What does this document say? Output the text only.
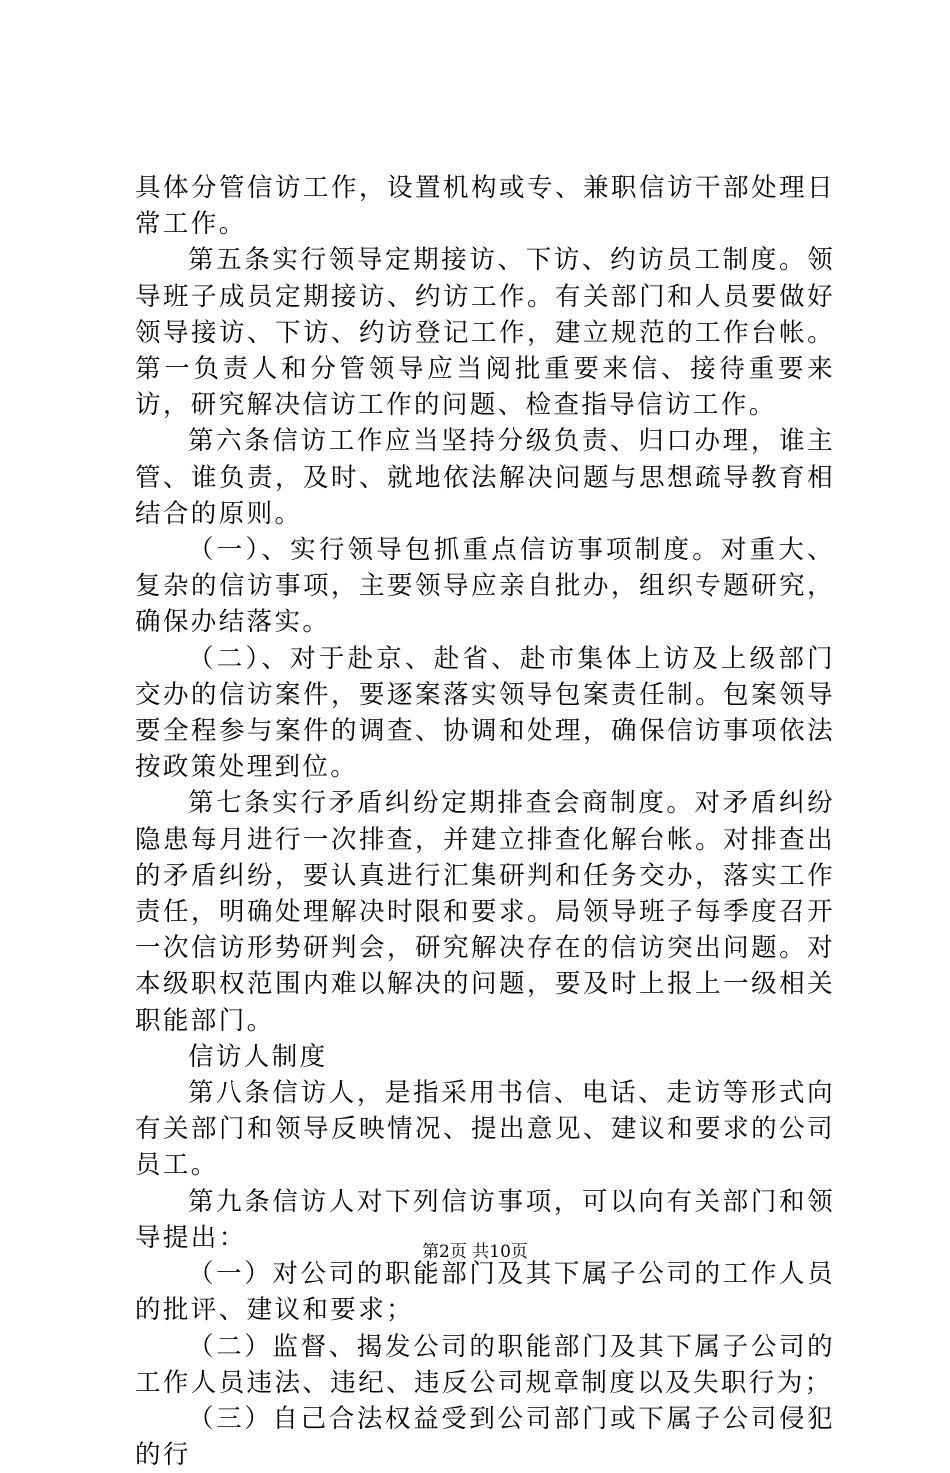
具体分管信访工作，设置机构或专、兼职信访干部处理日常工作。

第五条实行领导定期接访、下访、约访员工制度。领导班子成员定期接访、约访工作。有关部门和人员要做好领导接访、下访、约访登记工作，建立规范的工作台帐。第一负责人和分管领导应当阅批重要来信、接待重要来访，研究解决信访工作的问题、检查指导信访工作。

第六条信访工作应当坚持分级负责、归口办理，谁主管、谁负责，及时、就地依法解决问题与思想疏导教育相结合的原则。

（一）、实行领导包抓重点信访事项制度。对重大、复杂的信访事项，主要领导应亲自批办，组织专题研究，确保办结落实。

（二）、对于赴京、赴省、赴市集体上访及上级部门交办的信访案件，要逐案落实领导包案责任制。包案领导要全程参与案件的调查、协调和处理，确保信访事项依法按政策处理到位。

第七条实行矛盾纠纷定期排查会商制度。对矛盾纠纷隐患每月进行一次排查，并建立排查化解台帐。对排查出的矛盾纠纷，要认真进行汇集研判和任务交办，落实工作责任，明确处理解决时限和要求。局领导班子每季度召开一次信访形势研判会，研究解决存在的信访突出问题。对本级职权范围内难以解决的问题，要及时上报上一级相关职能部门。

信访人制度

第八条信访人，是指采用书信、电话、走访等形式向有关部门和领导反映情况、提出意见、建议和要求的公司员工。

第九条信访人对下列信访事项，可以向有关部门和领导提出：

（一）对公司的职能部门及其下属子公司的工作人员的批评、建议和要求；

（二）监督、揭发公司的职能部门及其下属子公司的工作人员违法、违纪、违反公司规章制度以及失职行为；

（三）自己合法权益受到公司部门或下属子公司侵犯的行

第2页 共10页
